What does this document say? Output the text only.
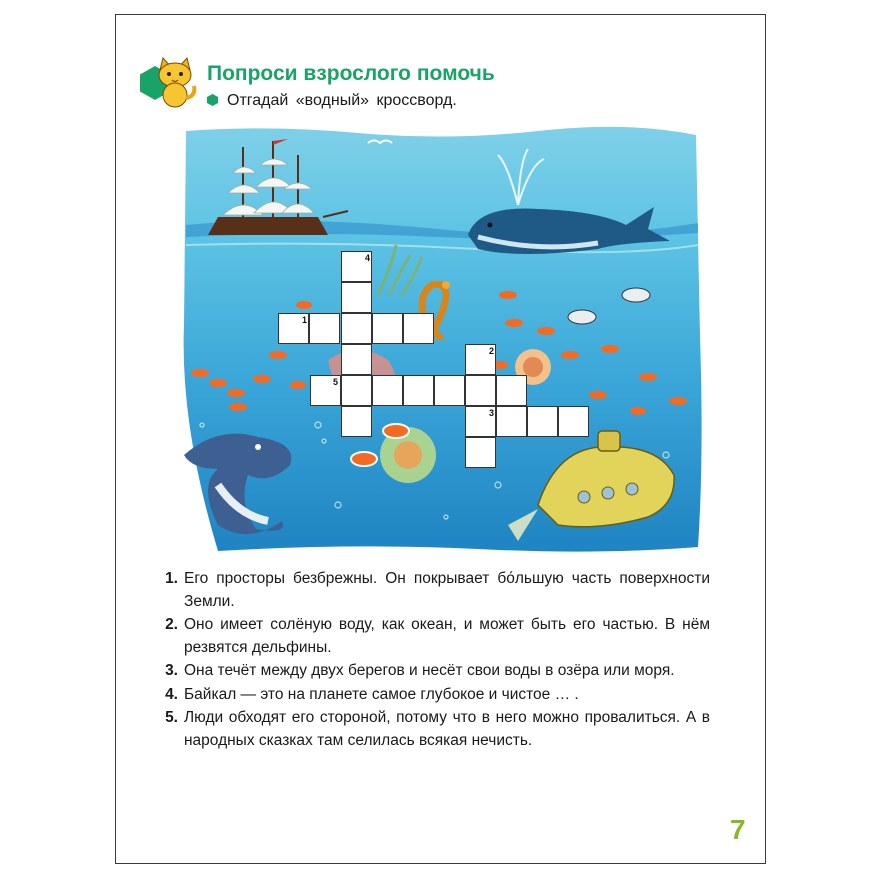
Попроси взрослого помочь
Отгадай «водный» кроссворд.
4
1
2
5
3
1. Его просторы безбрежны. Он покрывает бо́льшую часть поверхности Земли.
2. Оно имеет солёную воду, как океан, и может быть его частью. В нём резвятся дельфины.
3. Она течёт между двух берегов и несёт свои воды в озёра или моря.
4. Байкал — это на планете самое глубокое и чистое … .
5. Люди обходят его стороной, потому что в него можно провалиться. А в народных сказках там селилась всякая нечисть.
7
